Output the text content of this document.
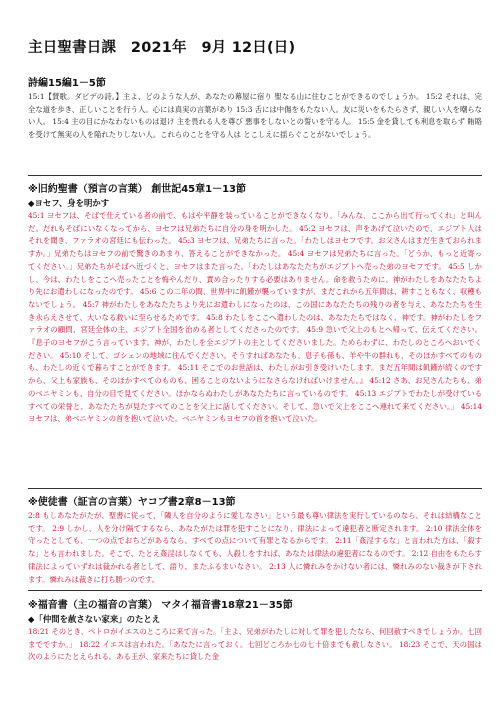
主日聖書日課　2021年　9月 12日(日)
詩編15編1－5節

15:1【賛歌。ダビデの詩。】主よ、どのような人が、あなたの幕屋に宿り 聖なる山に住むことができるのでしょうか。 15:2 それは、完全な道を歩き、正しいことを行う人。心には真実の言葉があり 15:3 舌には中傷をもたない人。友に災いをもたらさず、親しい人を嘲らない人。 15:4 主の目にかなわないものは退け 主を畏れる人を尊び 悪事をしないとの誓いを守る人。 15:5 金を貸しても利息を取らず 賄賂を受けて無実の人を陥れたりしない人。これらのことを守る人は とこしえに揺らぐことがないでしょう。

※旧約聖書（預言の言葉） 創世記45章1－13節
◆ヨセフ、身を明かす

45:1 ヨセフは、そばで仕えている者の前で、もはや平静を装っていることができなくなり、「みんな、ここから出て行ってくれ」と叫んだ。だれもそばにいなくなってから、ヨセフは兄弟たちに自分の身を明かした。 45:2 ヨセフは、声をあげて泣いたので、エジプト人はそれを聞き、ファラオの宮廷にも伝わった。 45:3 ヨセフは、兄弟たちに言った。「わたしはヨセフです。お父さんはまだ生きておられますか。」兄弟たちはヨセフの前で驚きのあまり、答えることができなかった。 45:4 ヨセフは兄弟たちに言った。「どうか、もっと近寄ってください。」兄弟たちがそばへ近づくと、ヨセフはまた言った。「わたしはあなたたちがエジプトへ売った弟のヨセフです。 45:5 しかし、今は、わたしをここへ売ったことを悔やんだり、責め合ったりする必要はありません。命を救うために、神がわたしをあなたたちより先にお遣わしになったのです。 45:6 この二年の間、世界中に飢饉が襲っていますが、まだこれから五年間は、耕すこともなく、収穫もないでしょう。 45:7 神がわたしをあなたたちより先にお遣わしになったのは、この国にあなたたちの残りの者を与え、あなたたちを生き永らえさせて、大いなる救いに至らせるためです。 45:8 わたしをここへ遣わしたのは、あなたたちではなく、神です。神がわたしをファラオの顧問、宮廷全体の主、エジプト全国を治める者としてくださったのです。 45:9 急いで父上のもとへ帰って、伝えてください。『息子のヨセフがこう言っています。神が、わたしを全エジプトの主としてくださいました。ためらわずに、わたしのところへおいでください。 45:10 そして、ゴシェンの地域に住んでください。そうすればあなたも、息子も孫も、羊や牛の群れも、そのほかすべてのものも、わたしの近くで暮らすことができます。 45:11 そこでのお世話は、わたしがお引き受けいたします。まだ五年間は飢饉が続くのですから、父上も家族も、そのほかすべてのものも、困ることのないようになさらなければいけません。』 45:12 さあ、お兄さんたちも、弟のベニヤミンも、自分の目で見てください。ほかならぬわたしがあなたたちに言っているのです。 45:13 エジプトでわたしが受けているすべての栄誉と、あなたたちが見たすべてのことを父上に話してください。そして、急いで父上をここへ連れて来てください。」 45:14 ヨセフは、弟ベニヤミンの首を抱いて泣いた。ベニヤミンもヨセフの首を抱いて泣いた。

※使徒書（証言の言葉）ヤコブ書2章8－13節

2:8 もしあなたがたが、聖書に従って、「隣人を自分のように愛しなさい」という最も尊い律法を実行しているのなら、それは結構なことです。 2:9 しかし、人を分け隔てするなら、あなたがたは罪を犯すことになり、律法によって違犯者と断定されます。 2:10 律法全体を守ったとしても、一つの点でおちどがあるなら、すべての点について有罪となるからです。 2:11「姦淫するな」と言われた方は、「殺すな」とも言われました。そこで、たとえ姦淫はしなくても、人殺しをすれば、あなたは律法の違犯者になるのです。 2:12 自由をもたらす律法によっていずれは裁かれる者として、語り、またふるまいなさい。 2:13 人に憐れみをかけない者には、憐れみのない裁きが下されます。憐れみは裁きに打ち勝つのです。

※福音書（主の福音の言葉） マタイ福音書18章21－35節
◆「仲間を赦さない家来」のたとえ

18:21 そのとき、ペトロがイエスのところに来て言った。「主よ、兄弟がわたしに対して罪を犯したなら、何回赦すべきでしょうか。七回までですか。」 18:22 イエスは言われた。「あなたに言っておく。七回どころか七の七十倍までも赦しなさい。 18:23 そこで、天の国は次のようにたとえられる。ある王が、家来たちに貸した金
